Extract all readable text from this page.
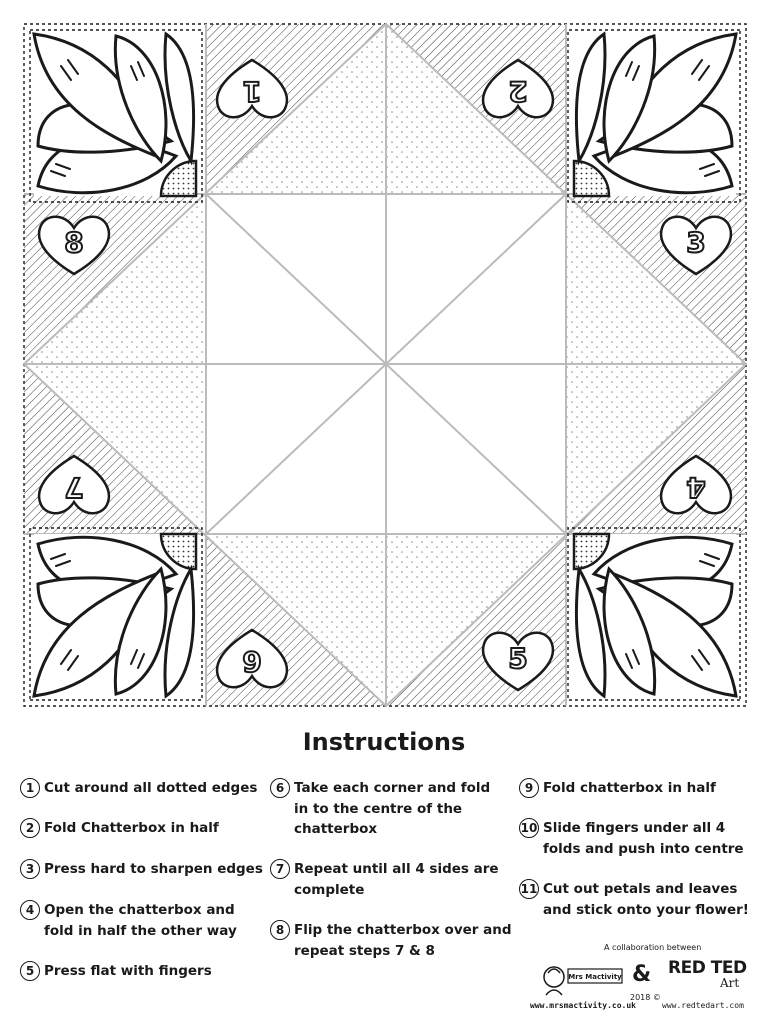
1	2
3
4
5
6
7
8
Instructions
1 Cut around all dotted edges
2 Fold Chatterbox in half
3 Press hard to sharpen edges
4 Open the chatterbox and
fold in half the other way
5 Press flat with fingers
6 Take each corner and fold
in to the centre of the
chatterbox
7 Repeat until all 4 sides are
complete
8 Flip the chatterbox over and
repeat steps 7 & 8
9 Fold chatterbox in half
10 Slide fingers under all 4
folds and push into centre
11 Cut out petals and leaves
and stick onto your flower!
A collaboration between
Mrs Mactivity &
2018 ©
RED TED
Art
www.mrsmactivity.co.uk	www.redtedart.com
